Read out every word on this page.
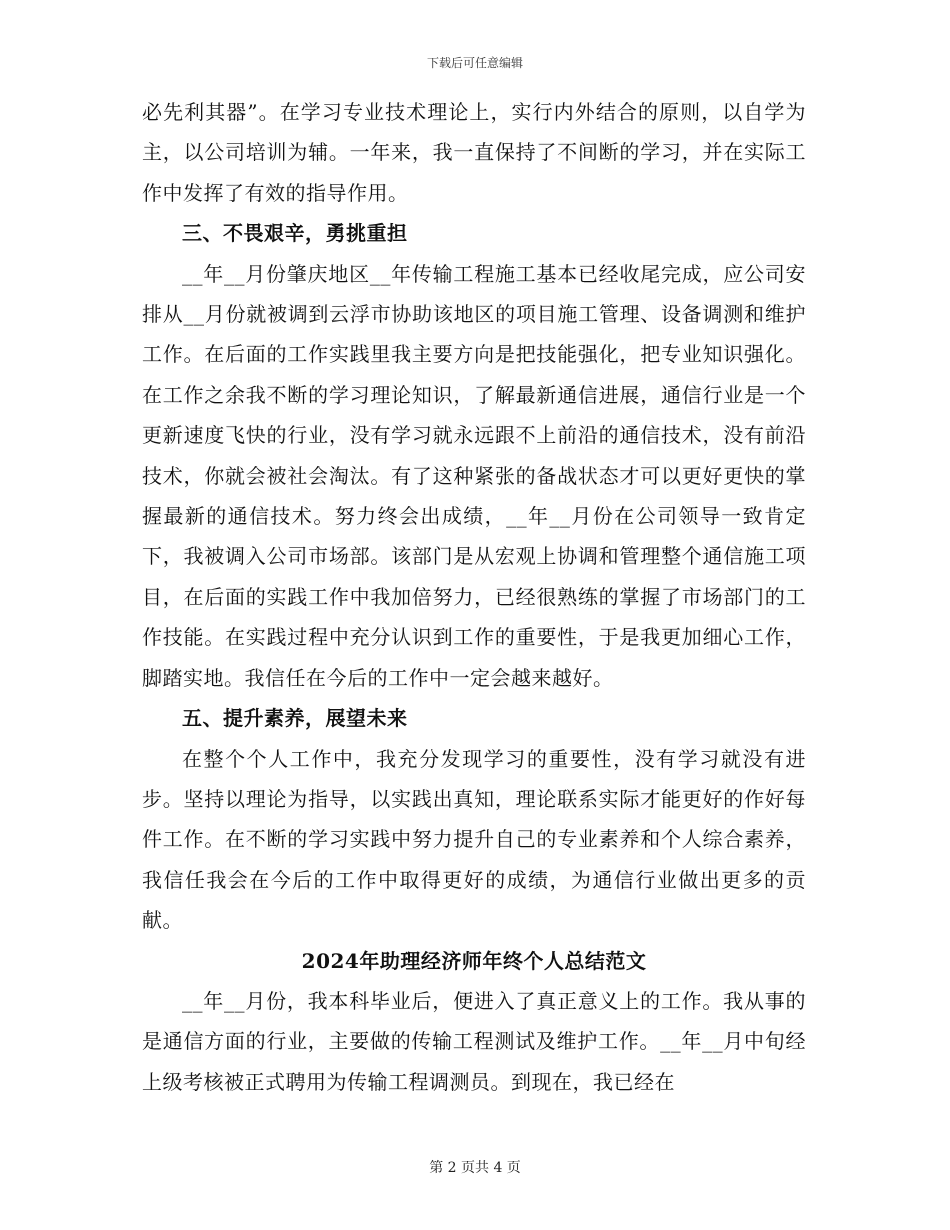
下载后可任意编辑

必先利其器”。在学习专业技术理论上，实行内外结合的原则，以自学为主，以公司培训为辅。一年来，我一直保持了不间断的学习，并在实际工作中发挥了有效的指导作用。

三、不畏艰辛，勇挑重担

__年__月份肇庆地区__年传输工程施工基本已经收尾完成，应公司安排从__月份就被调到云浮市协助该地区的项目施工管理、设备调测和维护工作。在后面的工作实践里我主要方向是把技能强化，把专业知识强化。在工作之余我不断的学习理论知识，了解最新通信进展，通信行业是一个更新速度飞快的行业，没有学习就永远跟不上前沿的通信技术，没有前沿技术，你就会被社会淘汰。有了这种紧张的备战状态才可以更好更快的掌握最新的通信技术。努力终会出成绩，__年__月份在公司领导一致肯定下，我被调入公司市场部。该部门是从宏观上协调和管理整个通信施工项目，在后面的实践工作中我加倍努力，已经很熟练的掌握了市场部门的工作技能。在实践过程中充分认识到工作的重要性，于是我更加细心工作，脚踏实地。我信任在今后的工作中一定会越来越好。

五、提升素养，展望未来

在整个个人工作中，我充分发现学习的重要性，没有学习就没有进步。坚持以理论为指导，以实践出真知，理论联系实际才能更好的作好每件工作。在不断的学习实践中努力提升自己的专业素养和个人综合素养，我信任我会在今后的工作中取得更好的成绩，为通信行业做出更多的贡献。

2024年助理经济师年终个人总结范文

__年__月份，我本科毕业后，便进入了真正意义上的工作。我从事的是通信方面的行业，主要做的传输工程测试及维护工作。__年__月中旬经上级考核被正式聘用为传输工程调测员。到现在，我已经在

第 2 页共 4 页
